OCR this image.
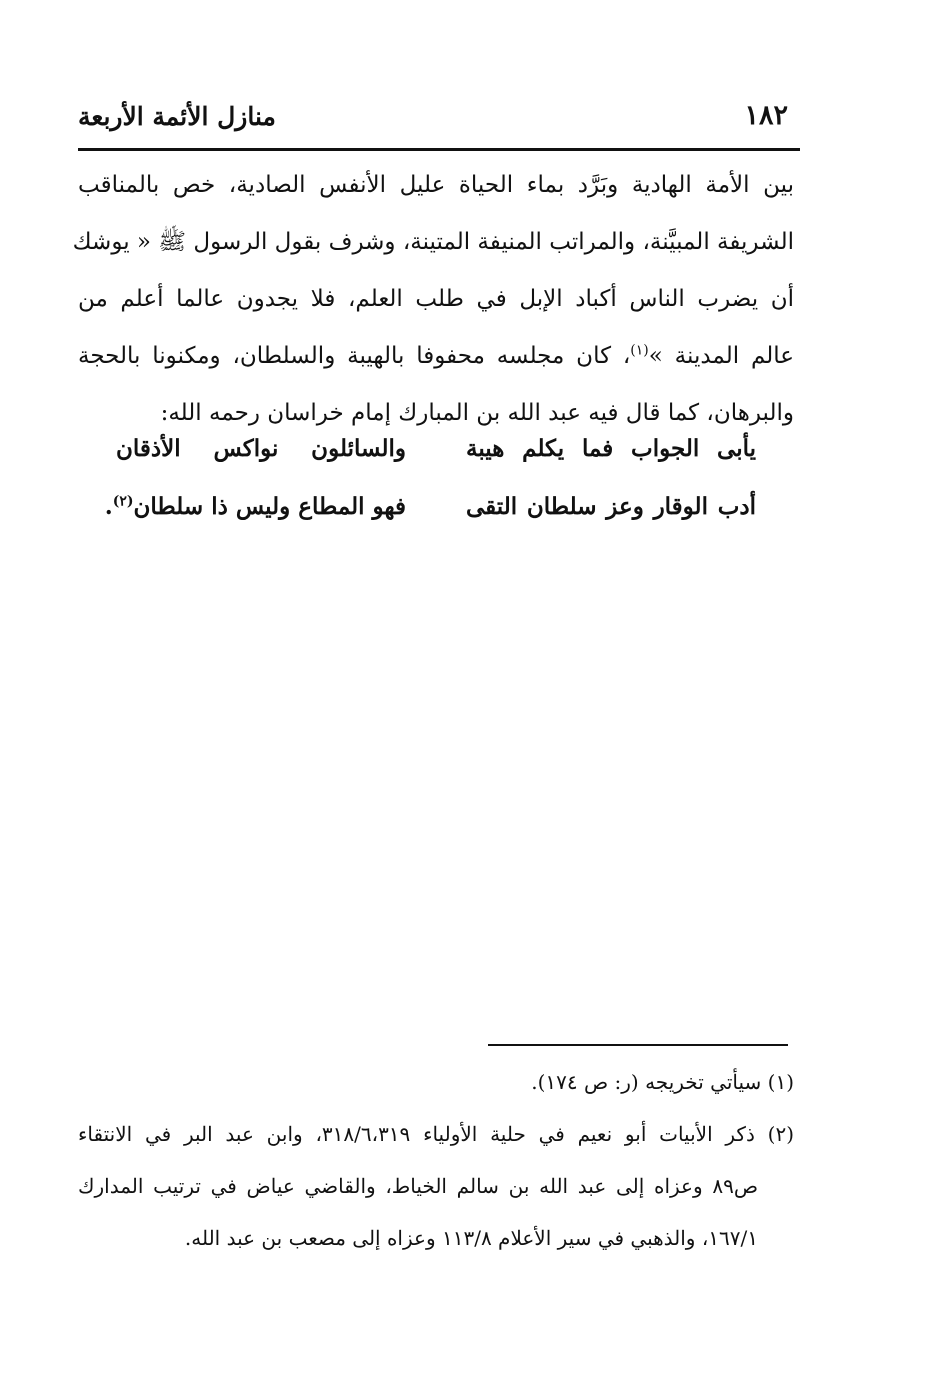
١٨٢
منازل الأئمة الأربعة
بين الأمة الهادية وبَرَّد بماء الحياة عليل الأنفس الصادية، خص بالمناقب
الشريفة المبيَّنة، والمراتب المنيفة المتينة، وشرف بقول الرسول ﷺ « يوشك
أن يضرب الناس أكباد الإبل في طلب العلم، فلا يجدون عالما أعلم من
عالم المدينة »$^{(١)}$، كان مجلسه محفوفا بالهيبة والسلطان، ومكنونا بالحجة
والبرهان، كما قال فيه عبد الله بن المبارك إمام خراسان رحمه الله:
يأبى الجواب فما يكلم هيبة
والسائلون نواكس الأذقان
أدب الوقار وعز سلطان التقى
فهو المطاع وليس ذا سلطان$^{(٢)}$.
(١) سيأتي تخريجه (ر: ص ١٧٤).
(٢) ذكر الأبيات أبو نعيم في حلية الأولياء ٣١٨/٦،٣١٩، وابن عبد البر في الانتقاء
ص٨٩ وعزاه إلى عبد الله بن سالم الخياط، والقاضي عياض في ترتيب المدارك
١٦٧/١، والذهبي في سير الأعلام ١١٣/٨ وعزاه إلى مصعب بن عبد الله.
